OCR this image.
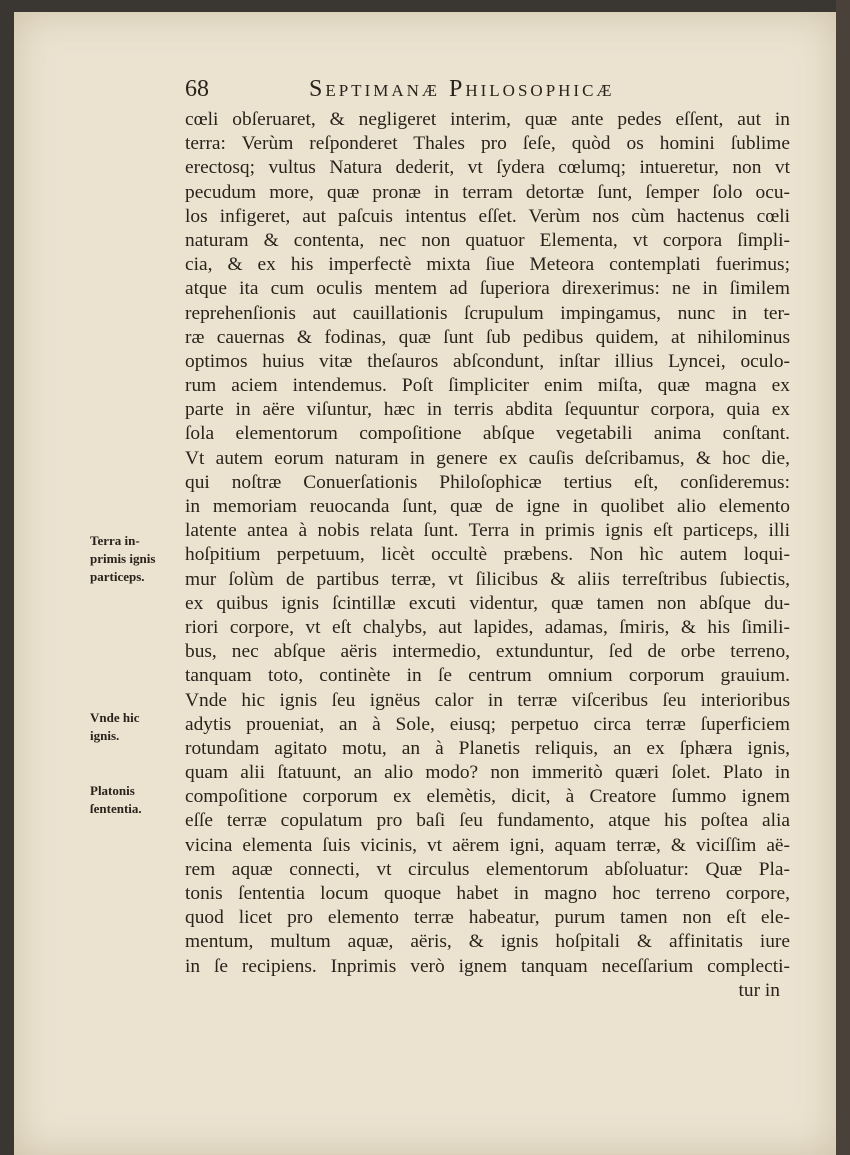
68	Septimanæ Philosophicæ
cœli obſeruaret, & negligeret interim, quæ ante pedes eſſent, aut in
terra: Verùm reſponderet Thales pro ſeſe, quòd os homini ſublime
erectosq; vultus Natura dederit, vt ſydera cœlumq; intueretur, non vt
pecudum more, quæ pronæ in terram detortæ ſunt, ſemper ſolo ocu-
los infigeret, aut paſcuis intentus eſſet. Verùm nos cùm hactenus cœli
naturam & contenta, nec non quatuor Elementa, vt corpora ſimpli-
cia, & ex his imperfectè mixta ſiue Meteora contemplati fuerimus;
atque ita cum oculis mentem ad ſuperiora direxerimus: ne in ſimilem
reprehenſionis aut cauillationis ſcrupulum impingamus, nunc in ter-
ræ cauernas & fodinas, quæ ſunt ſub pedibus quidem, at nihilominus
optimos huius vitæ theſauros abſcondunt, inſtar illius Lyncei, oculo-
rum aciem intendemus. Poſt ſimpliciter enim miſta, quæ magna ex
parte in aëre viſuntur, hæc in terris abdita ſequuntur corpora, quia ex
ſola elementorum compoſitione abſque vegetabili anima conſtant.
Vt autem eorum naturam in genere ex cauſis deſcribamus, & hoc die,
qui noſtræ Conuerſationis Philoſophicæ tertius eſt, conſideremus:
in memoriam reuocanda ſunt, quæ de igne in quolibet alio elemento
latente antea à nobis relata ſunt. Terra in primis ignis eſt particeps, illi
hoſpitium perpetuum, licèt occultè præbens. Non hìc autem loqui-
mur ſolùm de partibus terræ, vt ſilicibus & aliis terreſtribus ſubiectis,
ex quibus ignis ſcintillæ excuti videntur, quæ tamen non abſque du-
riori corpore, vt eſt chalybs, aut lapides, adamas, ſmiris, & his ſimili-
bus, nec abſque aëris intermedio, extunduntur, ſed de orbe terreno,
tanquam toto, continète in ſe centrum omnium corporum grauium.
Vnde hic ignis ſeu ignëus calor in terræ viſceribus ſeu interioribus
adytis proueniat, an à Sole, eiusq; perpetuo circa terræ ſuperficiem
rotundam agitato motu, an à Planetis reliquis, an ex ſphæra ignis,
quam alii ſtatuunt, an alio modo? non immeritò quæri ſolet. Plato in
compoſitione corporum ex elemètis, dicit, à Creatore ſummo ignem
eſſe terræ copulatum pro baſi ſeu fundamento, atque his poſtea alia
vicina elementa ſuis vicinis, vt aërem igni, aquam terræ, & viciſſim aë-
rem aquæ connecti, vt circulus elementorum abſoluatur: Quæ Pla-
tonis ſententia locum quoque habet in magno hoc terreno corpore,
quod licet pro elemento terræ habeatur, purum tamen non eſt ele-
mentum, multum aquæ, aëris, & ignis hoſpitali & affinitatis iure
in ſe recipiens. Inprimis verò ignem tanquam neceſſarium complecti-
tur in
Terra in-
primis ignis
particeps.
Vnde hic
ignis.
Platonis
ſententia.
